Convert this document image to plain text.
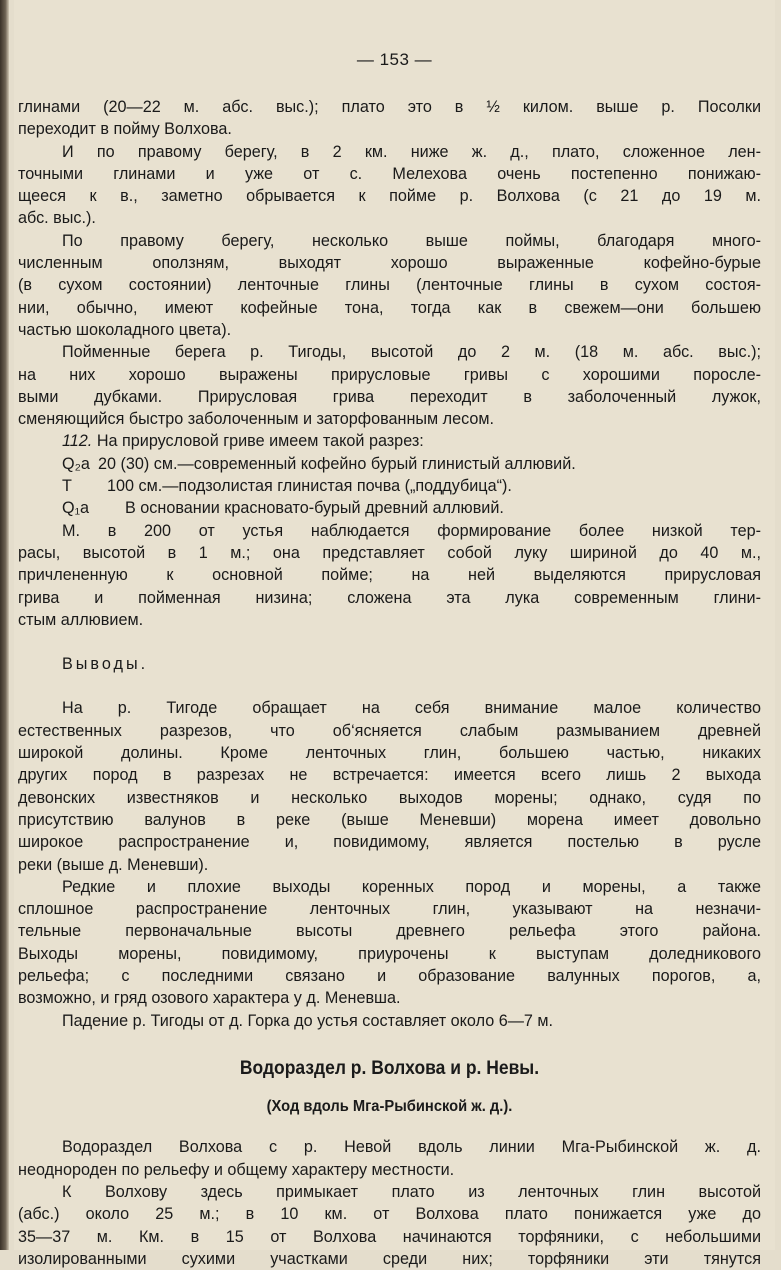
— 153 —

глинами (20—22 м. абс. выс.); плато это в ½ килом. выше р. Посолки

переходит в пойму Волхова.

И по правому берегу, в 2 км. ниже ж. д., плато, сложенное лен-

точными глинами и уже от с. Мелехова очень постепенно понижаю-

щееся к в., заметно обрывается к пойме р. Волхова (с 21 до 19 м.

абс. выс.).

По правому берегу, несколько выше поймы, благодаря много-

численным оползням, выходят хорошо выраженные кофейно-бурые

(в сухом состоянии) ленточные глины (ленточные глины в сухом состоя-

нии, обычно, имеют кофейные тона, тогда как в свежем—они большею

частью шоколадного цвета).

Пойменные берега р. Тигоды, высотой до 2 м. (18 м. абс. выс.);

на них хорошо выражены прирусловые гривы с хорошими поросле-

выми дубками. Прирусловая грива переходит в заболоченный лужок,

сменяющийся быстро заболоченным и заторфованным лесом.

112. На прирусловой гриве имеем такой разрез:

Q₂a 20 (30)
см.—современный кофейно бурый глинистый аллювий.
T	100
см.—подзолистая глинистая почва („поддубица“).
Q₁a

	В основании красновато-бурый древний аллювий.

М. в 200 от устья наблюдается формирование более низкой тер-

расы, высотой в 1 м.; она представляет собой луку шириной до 40 м.,

причлененную к основной пойме; на ней выделяются прирусловая

грива и пойменная низина; сложена эта лука современным глини-

стым аллювием.

Выводы.

На р. Тигоде обращает на себя внимание малое количество

естественных разрезов, что об‘ясняется слабым размыванием древней

широкой долины. Кроме ленточных глин, большею частью, никаких

других пород в разрезах не встречается: имеется всего лишь 2 выхода

девонских известняков и несколько выходов морены; однако, судя по

присутствию валунов в реке (выше Меневши) морена имеет довольно

широкое распространение и, повидимому, является постелью в русле

реки (выше д. Меневши).

Редкие и плохие выходы коренных пород и морены, а также

сплошное распространение ленточных глин, указывают на незначи-

тельные первоначальные высоты древнего рельефа этого района.

Выходы морены, повидимому, приурочены к выступам доледникового

рельефа; с последними связано и образование валунных порогов, а,

возможно, и гряд озового характера у д. Меневша.

Падение р. Тигоды от д. Горка до устья составляет около 6—7 м.

Водораздел р. Волхова и р. Невы.
(Ход вдоль Мга-Рыбинской ж. д.).

Водораздел Волхова с р. Невой вдоль линии Мга-Рыбинской ж. д.

неоднороден по рельефу и общему характеру местности.

К Волхову здесь примыкает плато из ленточных глин высотой

(абс.) около 25 м.; в 10 км. от Волхова плато понижается уже до

35—37 м. Км. в 15 от Волхова начинаются торфяники, с небольшими

изолированными сухими участками среди них; торфяники эти тянутся
